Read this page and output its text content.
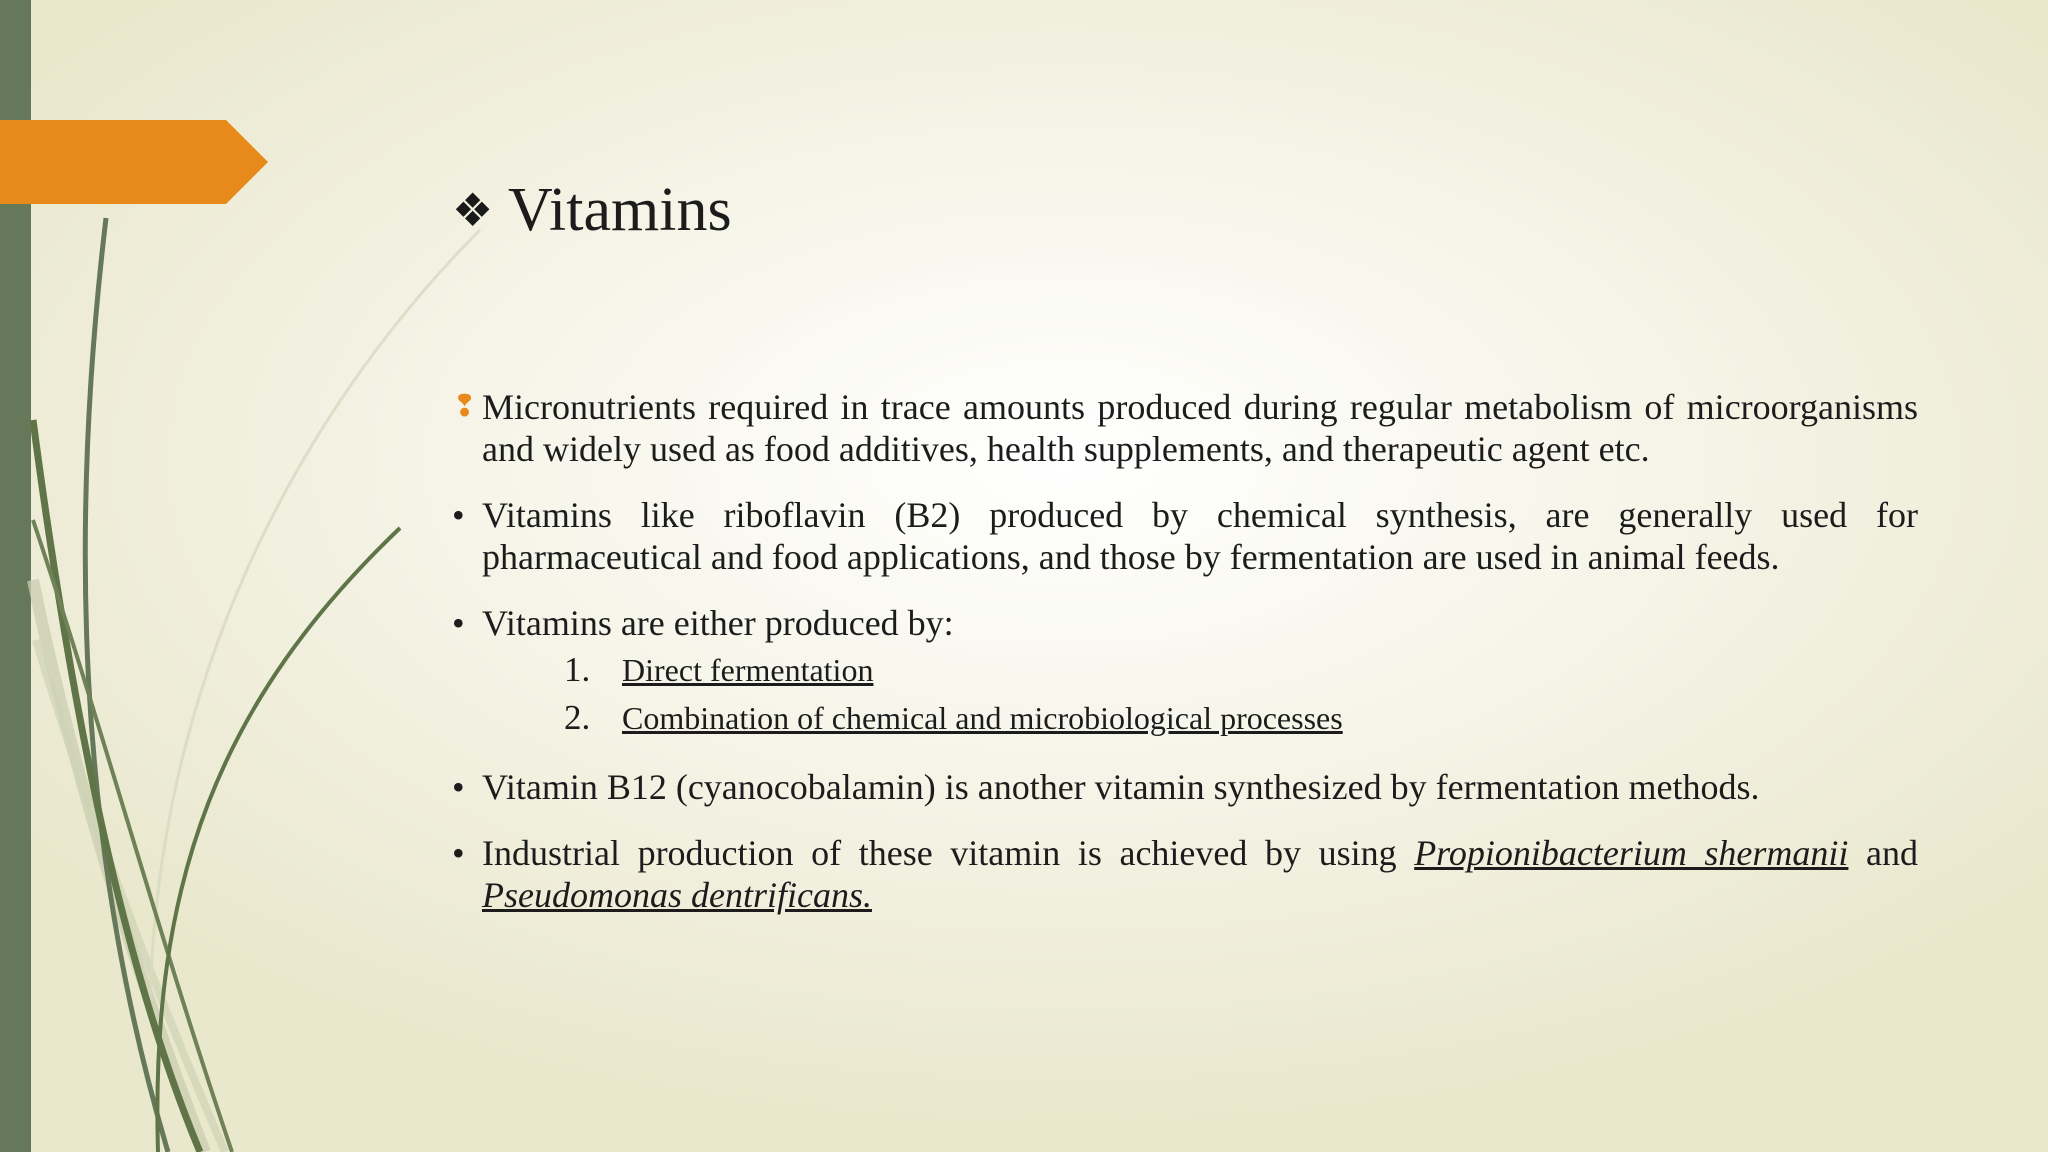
❖ Vitamins
❢ Micronutrients required in trace amounts produced during regular metabolism of microorganisms and widely used as food additives, health supplements, and therapeutic agent etc.
• Vitamins like riboflavin (B2) produced by chemical synthesis, are generally used for pharmaceutical and food applications, and those by fermentation are used in animal feeds.
• Vitamins are either produced by:
1. Direct fermentation
2. Combination of chemical and microbiological processes
• Vitamin B12 (cyanocobalamin) is another vitamin synthesized by fermentation methods.
• Industrial production of these vitamin is achieved by using Propionibacterium shermanii and Pseudomonas dentrificans.
